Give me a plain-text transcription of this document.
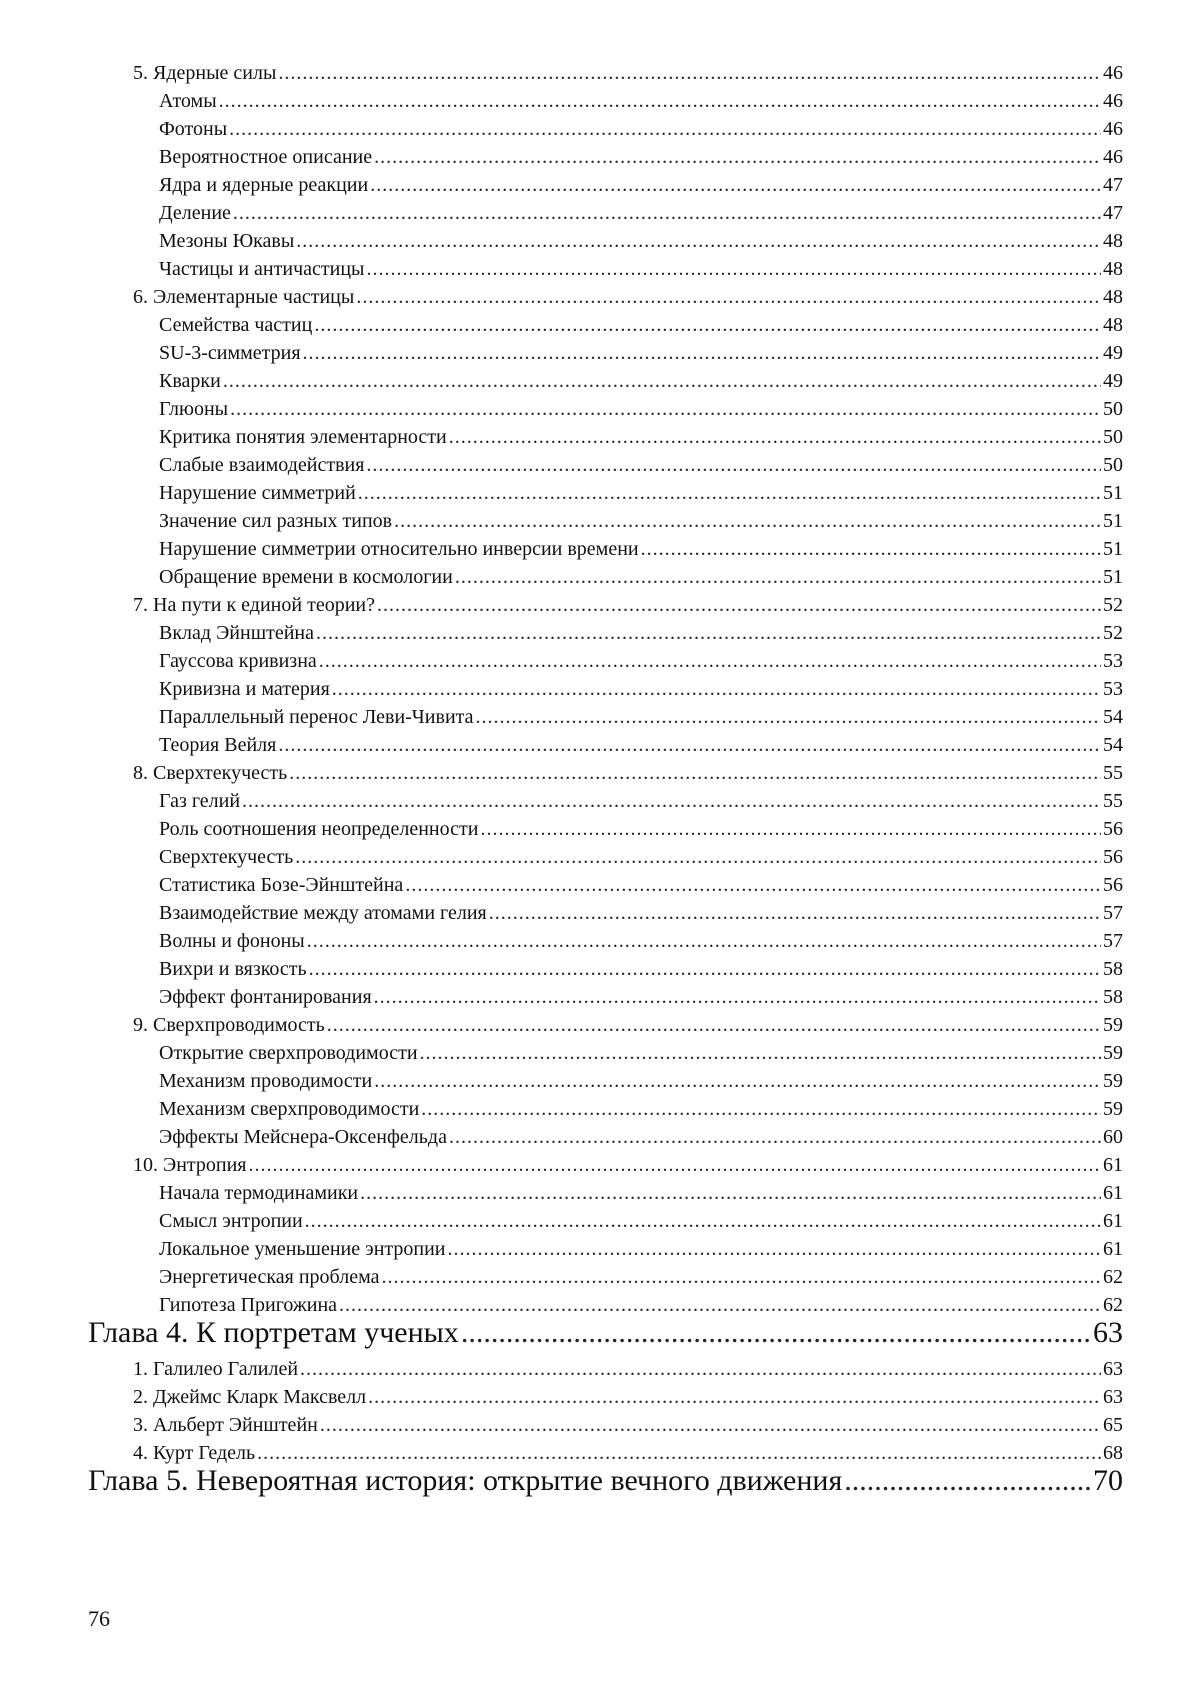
5. Ядерные силы
.....	46
Атомы
.....	46
Фотоны
.....	46
Вероятностное описание
.....	46
Ядра и ядерные реакции
.....	47
Деление
.....	47
Мезоны Юкавы
.....	48
Частицы и античастицы
.....	48
6. Элементарные частицы
.....	48
Семейства частиц
.....	48
SU-3-симметрия
.....	49
Кварки
.....	49
Глюоны
.....	50
Критика понятия элементарности
.....	50
Слабые взаимодействия
.....	50
Нарушение симметрий
.....	51
Значение сил разных типов
.....	51
Нарушение симметрии относительно инверсии времени
.....	51
Обращение времени в космологии
.....	51
7. На пути к единой теории?
.....	52
Вклад Эйнштейна
.....	52
Гауссова кривизна
.....	53
Кривизна и материя
.....	53
Параллельный перенос Леви-Чивита
.....	54
Теория Вейля
.....	54
8. Сверхтекучесть
.....	55
Газ гелий
.....	55
Роль соотношения неопределенности
.....	56
Сверхтекучесть
.....	56
Статистика Бозе-Эйнштейна
.....	56
Взаимодействие между атомами гелия
.....	57
Волны и фононы
.....	57
Вихри и вязкость
.....	58
Эффект фонтанирования
.....	58
9. Сверхпроводимость
.....	59
Открытие сверхпроводимости
.....	59
Механизм проводимости
.....	59
Механизм сверхпроводимости
.....	59
Эффекты Мейснера-Оксенфельда
.....	60
10. Энтропия
.....	61
Начала термодинамики
.....	61
Смысл энтропии
.....	61
Локальное уменьшение энтропии
.....	61
Энергетическая проблема
.....	62
Гипотеза Пригожина
.....	62
Глава 4. К портретам ученых
.....	63
1. Галилео Галилей
.....	63
2. Джеймс Кларк Максвелл
.....	63
3. Альберт Эйнштейн
.....	65
4. Курт Гедель
.....	68
Глава 5. Невероятная история: открытие вечного движения
.....	70
76
